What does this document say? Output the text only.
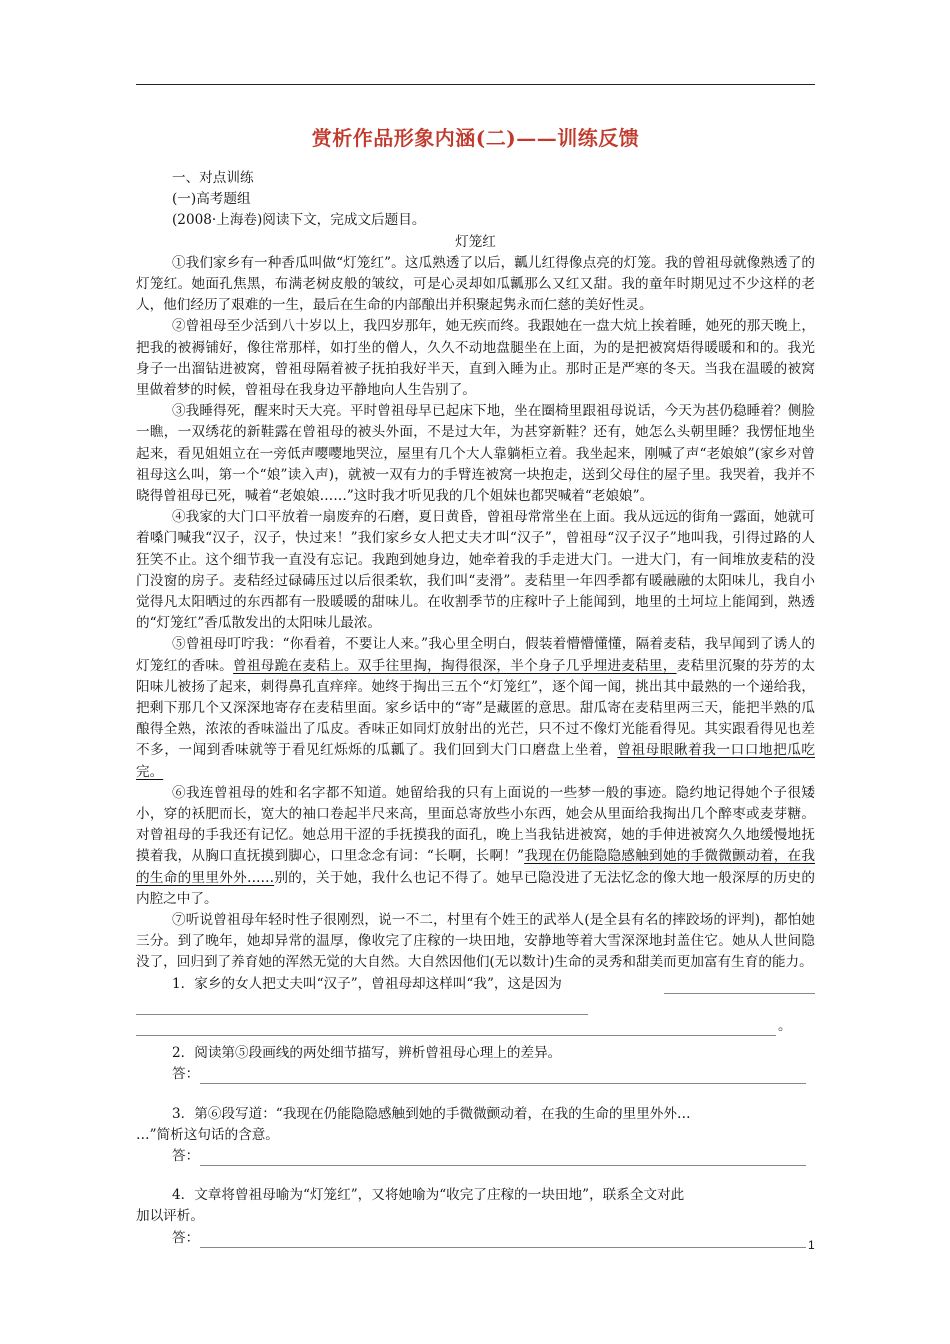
赏析作品形象内涵(二)——训练反馈
一、对点训练
(一)高考题组
(2008·上海卷)阅读下文，完成文后题目。
灯笼红
①我们家乡有一种香瓜叫做“灯笼红”。这瓜熟透了以后，瓤儿红得像点亮的灯笼。我的曾祖母就像熟透了的灯笼红。她面孔焦黑，布满老树皮般的皱纹，可是心灵却如瓜瓤那么又红又甜。我的童年时期见过不少这样的老人，他们经历了艰难的一生，最后在生命的内部酿出并积聚起隽永而仁慈的美好性灵。
②曾祖母至少活到八十岁以上，我四岁那年，她无疾而终。我跟她在一盘大炕上挨着睡，她死的那天晚上，把我的被褥铺好，像往常那样，如打坐的僧人，久久不动地盘腿坐在上面，为的是把被窝焐得暖暖和和的。我光身子一出溜钻进被窝，曾祖母隔着被子抚拍我好半天，直到入睡为止。那时正是严寒的冬天。当我在温暖的被窝里做着梦的时候，曾祖母在我身边平静地向人生告别了。
③我睡得死，醒来时天大亮。平时曾祖母早已起床下地，坐在圈椅里跟祖母说话，今天为甚仍稳睡着？侧脸一瞧，一双绣花的新鞋露在曾祖母的被头外面，不是过大年，为甚穿新鞋？还有，她怎么头朝里睡？我愣怔地坐起来，看见姐姐立在一旁低声嘤嘤地哭泣，屋里有几个大人靠躺柜立着。我坐起来，刚喊了声“老娘娘”(家乡对曾祖母这么叫，第一个“娘”读入声)，就被一双有力的手臂连被窝一块抱走，送到父母住的屋子里。我哭着，我并不晓得曾祖母已死，喊着“老娘娘……”这时我才听见我的几个姐妹也都哭喊着“老娘娘”。
④我家的大门口平放着一扇废弃的石磨，夏日黄昏，曾祖母常常坐在上面。我从远远的街角一露面，她就可着嗓门喊我“汉子，汉子，快过来！”我们家乡女人把丈夫才叫“汉子”，曾祖母“汉子汉子”地叫我，引得过路的人狂笑不止。这个细节我一直没有忘记。我跑到她身边，她牵着我的手走进大门。一进大门，有一间堆放麦秸的没门没窗的房子。麦秸经过碌碡压过以后很柔软，我们叫“麦滑”。麦秸里一年四季都有暖融融的太阳味儿，我自小觉得凡太阳晒过的东西都有一股暖暖的甜味儿。在收割季节的庄稼叶子上能闻到，地里的土坷垃上能闻到，熟透的“灯笼红”香瓜散发出的太阳味儿最浓。
⑤曾祖母叮咛我：“你看着，不要让人来。”我心里全明白，假装着懵懵懂懂，隔着麦秸，我早闻到了诱人的灯笼红的香味。曾祖母跪在麦秸上。双手往里掏，掏得很深，半个身子几乎埋进麦秸里，麦秸里沉聚的芬芳的太阳味儿被扬了起来，刺得鼻孔直痒痒。她终于掏出三五个“灯笼红”，逐个闻一闻，挑出其中最熟的一个递给我，把剩下那几个又深深地寄存在麦秸里面。家乡话中的“寄”是藏匿的意思。甜瓜寄在麦秸里两三天，能把半熟的瓜酿得全熟，浓浓的香味溢出了瓜皮。香味正如同灯放射出的光芒，只不过不像灯光能看得见。其实跟看得见也差不多，一闻到香味就等于看见红烁烁的瓜瓤了。我们回到大门口磨盘上坐着，曾祖母眼瞅着我一口口地把瓜吃完。
⑥我连曾祖母的姓和名字都不知道。她留给我的只有上面说的一些梦一般的事迹。隐约地记得她个子很矮小，穿的袄肥而长，宽大的袖口卷起半尺来高，里面总寄放些小东西，她会从里面给我掏出几个醉枣或麦芽糖。对曾祖母的手我还有记忆。她总用干涩的手抚摸我的面孔，晚上当我钻进被窝，她的手伸进被窝久久地缓慢地抚摸着我，从胸口直抚摸到脚心，口里念念有词：“长啊，长啊！”我现在仍能隐隐感触到她的手微微颤动着，在我的生命的里里外外……别的，关于她，我什么也记不得了。她早已隐没进了无法忆念的像大地一般深厚的历史的内腔之中了。
⑦听说曾祖母年轻时性子很刚烈，说一不二，村里有个姓王的武举人(是全县有名的摔跤场的评判)，都怕她三分。到了晚年，她却异常的温厚，像收完了庄稼的一块田地，安静地等着大雪深深地封盖住它。她从人世间隐没了，回归到了养育她的浑然无觉的大自然。大自然因他们(无以数计)生命的灵秀和甜美而更加富有生育的能力。
1．家乡的女人把丈夫叫“汉子”，曾祖母却这样叫“我”，这是因为
。
2．阅读第⑤段画线的两处细节描写，辨析曾祖母心理上的差异。
答：
3．第⑥段写道：“我现在仍能隐隐感触到她的手微微颤动着，在我的生命的里里外外…
…”简析这句话的含意。
答：
4．文章将曾祖母喻为“灯笼红”，又将她喻为“收完了庄稼的一块田地”，联系全文对此
加以评析。
答：	1
